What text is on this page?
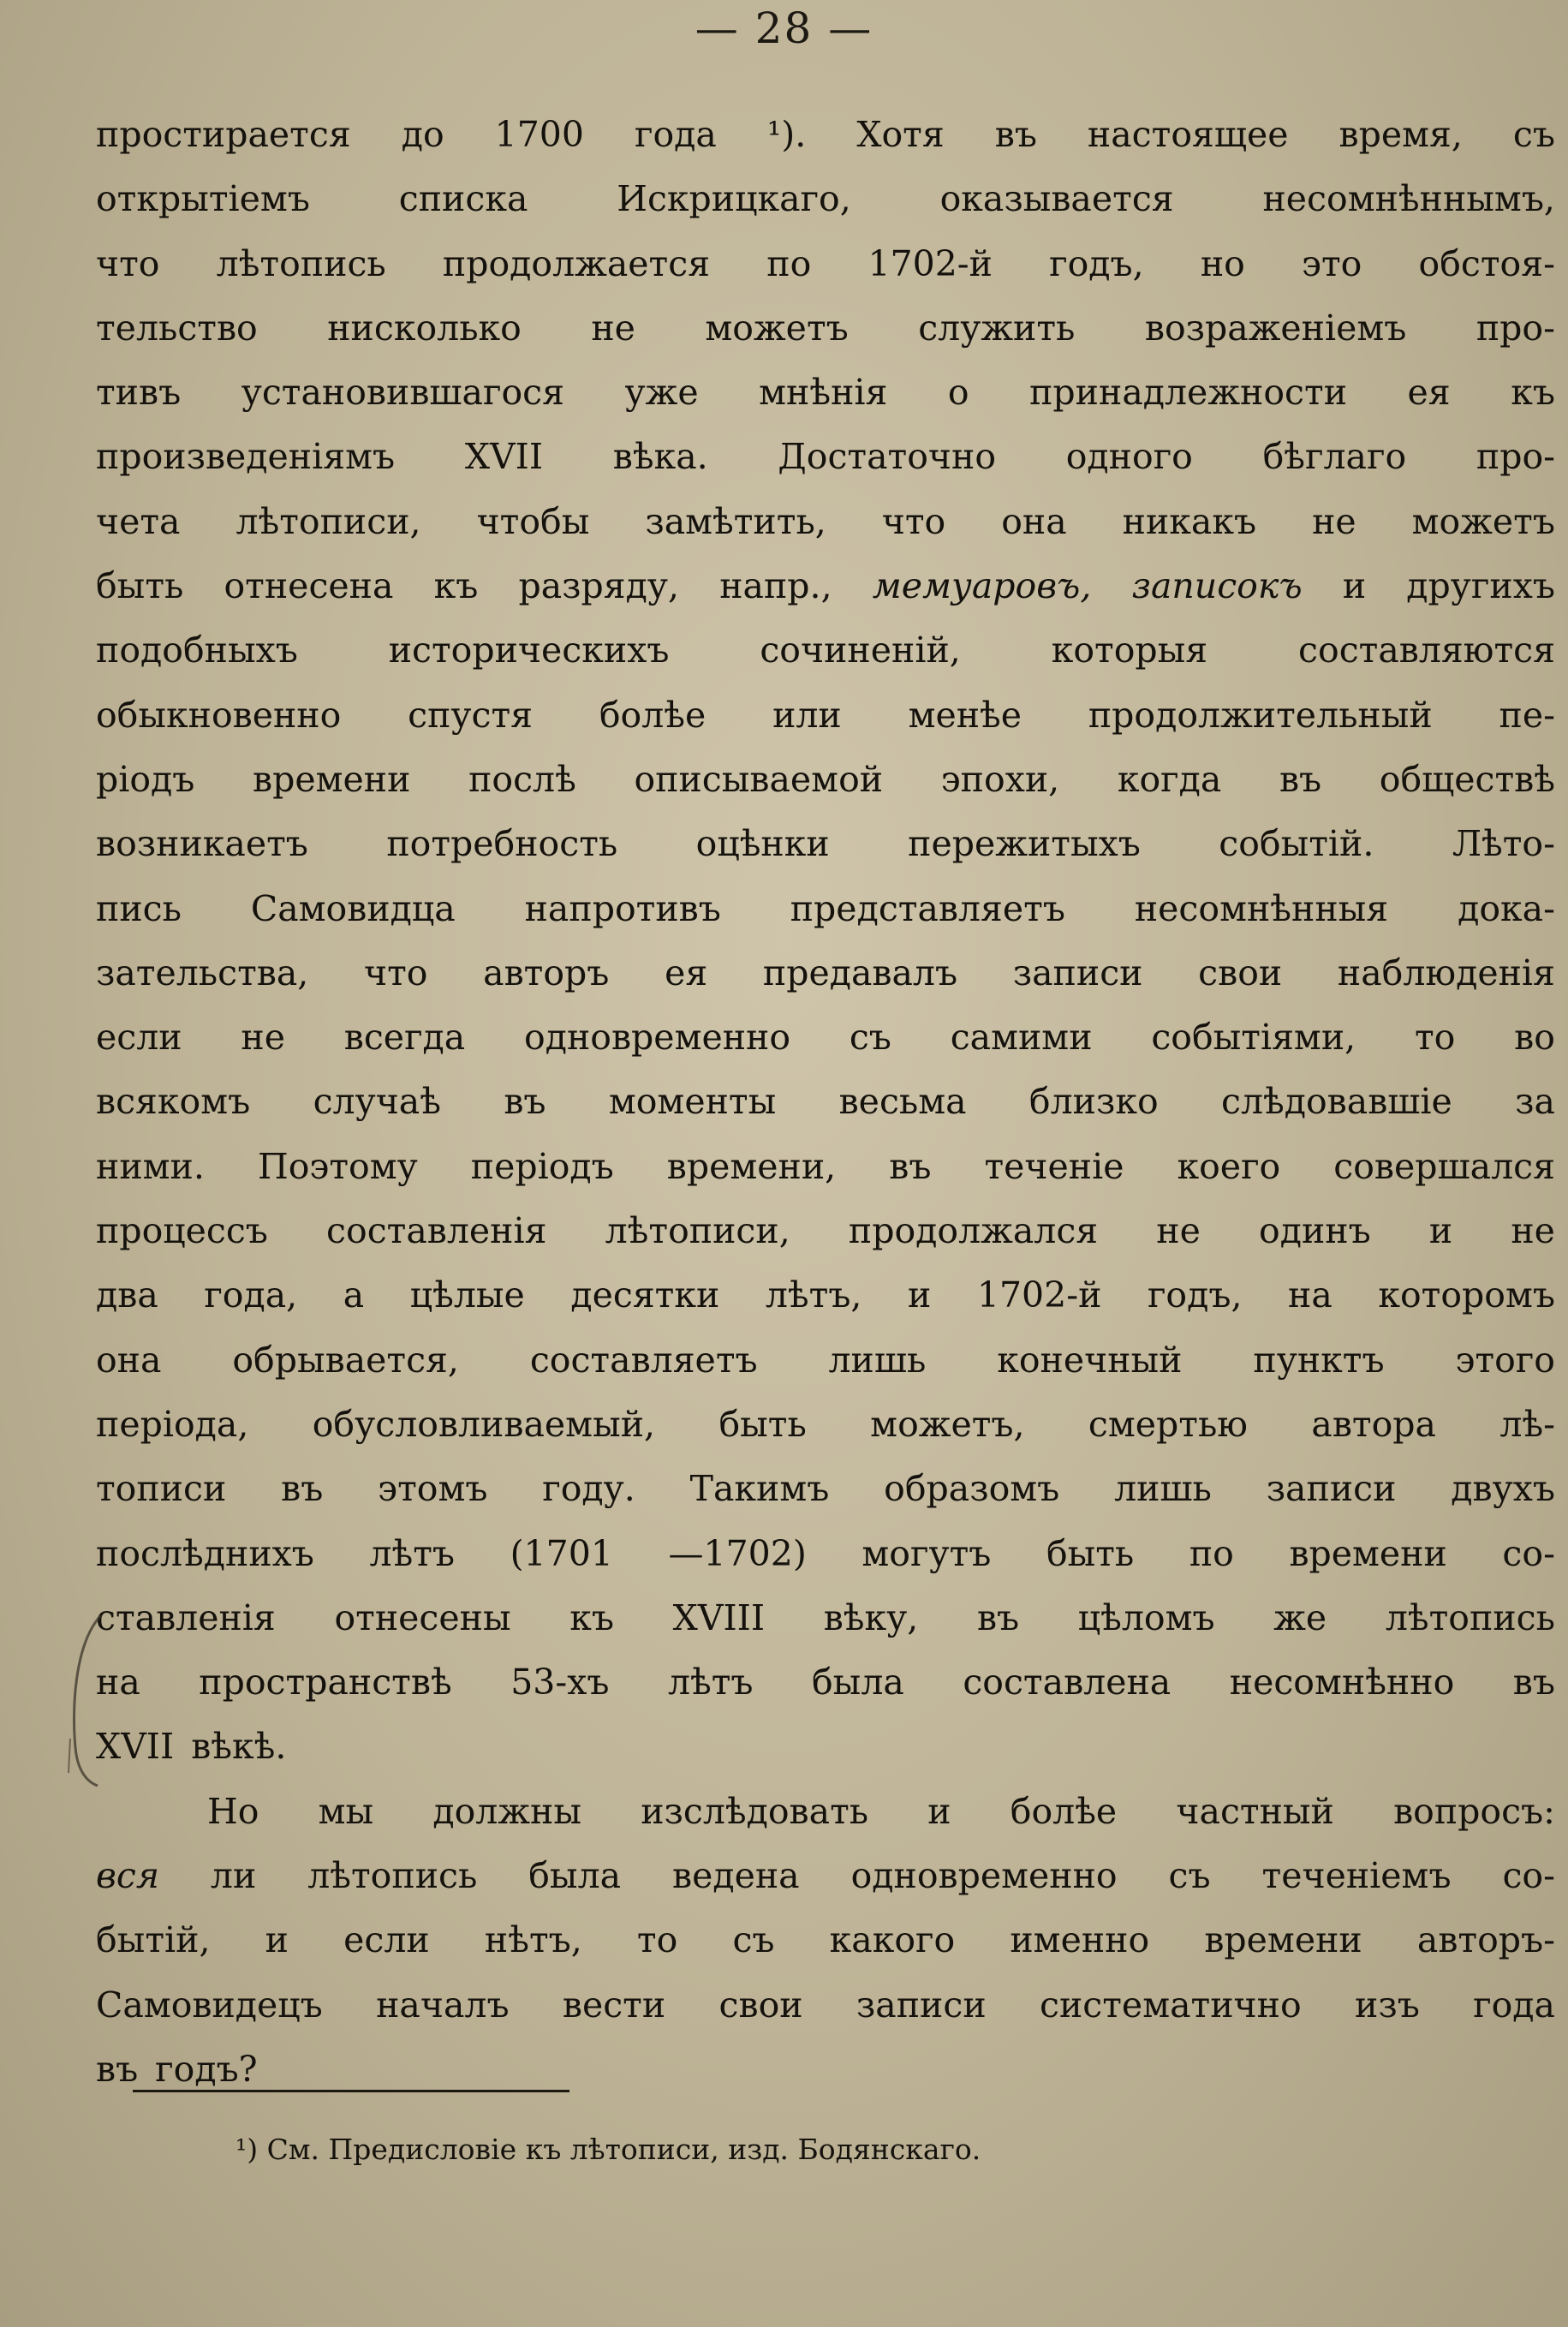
— 28 —
простирается до 1700 года ¹). Хотя въ настоящее время, съ
открытіемъ	списка	Искрицкаго,	оказывается	несомнѣннымъ,
что лѣтопись продолжается по 1702-й годъ, но это обстоя-
тельство нисколько не можетъ служить возраженіемъ про-
тивъ установившагося уже мнѣнія о принадлежности ея къ
произведеніямъ XVII вѣка. Достаточно одного бѣглаго про-
чета лѣтописи, чтобы замѣтить, что она никакъ не можетъ
быть отнесена къ разряду, напр., мемуаровъ, записокъ и другихъ
подобныхъ	историческихъ	сочиненій,	которыя	составляются
обыкновенно спустя болѣе или менѣе продолжительный пе-
ріодъ времени послѣ описываемой эпохи, когда въ обществѣ
возникаетъ потребность оцѣнки пережитыхъ событій. Лѣто-
пись Самовидца напротивъ представляетъ несомнѣнныя дока-
зательства, что авторъ ея предавалъ записи свои наблюденія
если не всегда одновременно съ самими событіями, то во
всякомъ случаѣ въ моменты весьма близко слѣдовавшіе за
ними. Поэтому періодъ времени, въ теченіе коего совершался
процессъ составленія лѣтописи, продолжался не одинъ и не
два года, а цѣлые десятки лѣтъ, и 1702-й годъ, на которомъ
она обрывается, составляетъ лишь конечный пунктъ этого
періода, обусловливаемый, быть можетъ, смертью автора лѣ-
тописи въ этомъ году. Такимъ образомъ лишь записи двухъ
послѣднихъ лѣтъ (1701 —1702) могутъ быть по времени со-
ставленія отнесены къ XVIII вѣку, въ цѣломъ же лѣтопись
на пространствѣ 53-хъ лѣтъ была составлена несомнѣнно въ
XVII вѣкѣ.
Но мы должны изслѣдовать и болѣе частный вопросъ:
вся ли лѣтопись была ведена одновременно съ теченіемъ со-
бытій, и если нѣтъ, то съ какого именно времени авторъ-
Самовидецъ началъ вести свои записи систематично изъ года
въ годъ?
¹) См. Предисловіе къ лѣтописи, изд. Бодянскаго.
